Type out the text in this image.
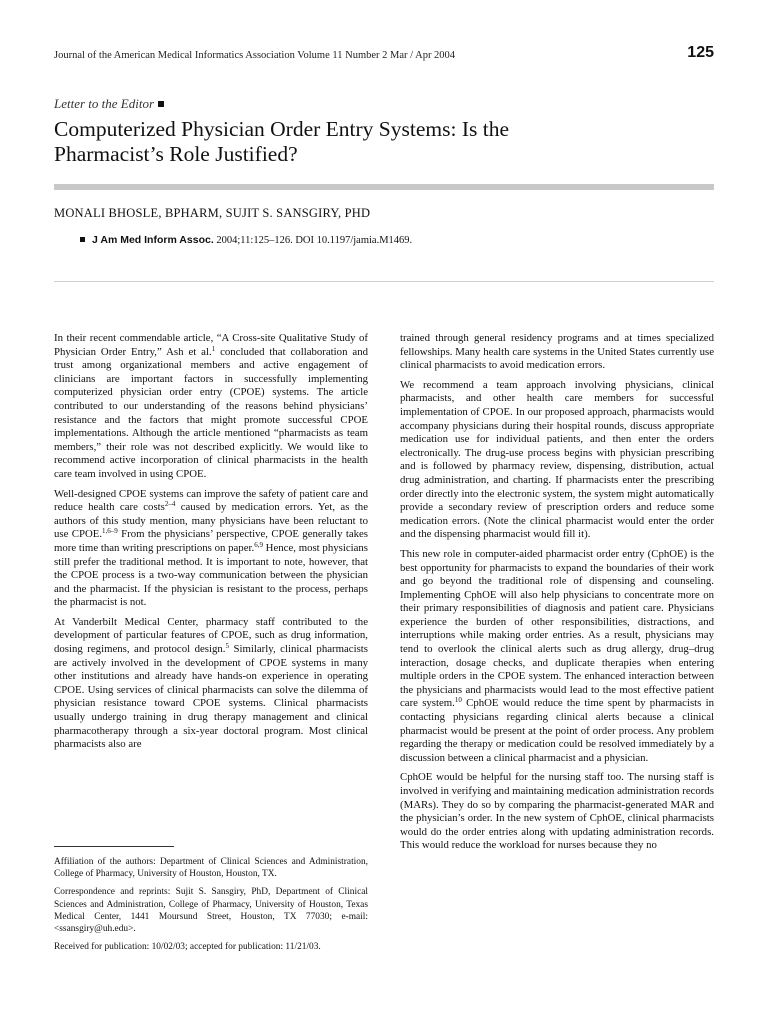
Journal of the American Medical Informatics Association Volume 11 Number 2 Mar / Apr 2004	125
Letter to the Editor
Computerized Physician Order Entry Systems: Is the
Pharmacist’s Role Justified?
MONALI BHOSLE, BPHARM, SUJIT S. SANSGIRY, PHD
J Am Med Inform Assoc. 2004;11:125–126. DOI 10.1197/jamia.M1469.

In their recent commendable article, “A Cross-site Qualitative Study of Physician Order Entry,” Ash et al.$^1$ concluded that collaboration and trust among organizational members and active engagement of clinicians are important factors in successfully implementing computerized physician order entry (CPOE) systems. The article contributed to our understanding of the reasons behind physicians’ resistance and the factors that might promote successful CPOE implementations. Although the article mentioned “pharmacists as team members,” their role was not described explicitly. We would like to recommend active incorporation of clinical pharmacists in the health care team involved in using CPOE.

Well-designed CPOE systems can improve the safety of patient care and reduce health care costs$^{2-4}$ caused by medication errors. Yet, as the authors of this study mention, many physicians have been reluctant to use CPOE.$^{1,6-9}$ From the physicians’ perspective, CPOE generally takes more time than writing prescriptions on paper.$^{6,9}$ Hence, most physicians still prefer the traditional method. It is important to note, however, that the CPOE process is a two-way communication between the physician and the pharmacist. If the physician is resistant to the process, perhaps the pharmacist is not.

At Vanderbilt Medical Center, pharmacy staff contributed to the development of particular features of CPOE, such as drug information, dosing regimens, and protocol design.$^5$ Similarly, clinical pharmacists are actively involved in the development of CPOE systems in many other institutions and already have hands-on experience in operating CPOE. Using services of clinical pharmacists can solve the dilemma of physician resistance toward CPOE systems. Clinical pharmacists usually undergo training in drug therapy management and clinical pharmacotherapy through a six-year doctoral program. Most clinical pharmacists also are

Affiliation of the authors: Department of Clinical Sciences and Administration, College of Pharmacy, University of Houston, Houston, TX.

Correspondence and reprints: Sujit S. Sansgiry, PhD, Department of Clinical Sciences and Administration, College of Pharmacy, University of Houston, Texas Medical Center, 1441 Moursund Street, Houston, TX 77030; e-mail: <ssansgiry@uh.edu>.

Received for publication: 10/02/03; accepted for publication: 11/21/03.

trained through general residency programs and at times specialized fellowships. Many health care systems in the United States currently use clinical pharmacists to avoid medication errors.

We recommend a team approach involving physicians, clinical pharmacists, and other health care members for successful implementation of CPOE. In our proposed approach, pharmacists would accompany physicians during their hospital rounds, discuss appropriate medication use for individual patients, and then enter the orders electronically. The drug-use process begins with physician prescribing and is followed by pharmacy review, dispensing, distribution, actual drug administration, and charting. If pharmacists enter the prescribing order directly into the electronic system, the system might automatically provide a secondary review of prescription orders and reduce some medication errors. (Note the clinical pharmacist would enter the order and the dispensing pharmacist would fill it).

This new role in computer-aided pharmacist order entry (CphOE) is the best opportunity for pharmacists to expand the boundaries of their work and go beyond the traditional role of dispensing and counseling. Implementing CphOE will also help physicians to concentrate more on their primary responsibilities of diagnosis and patient care. Physicians experience the burden of other responsibilities, distractions, and interruptions while making order entries. As a result, physicians may tend to overlook the clinical alerts such as drug allergy, drug–drug interaction, dosage checks, and duplicate therapies when entering multiple orders in the CPOE system. The enhanced interaction between the physicians and pharmacists would lead to the most effective patient care system.$^{10}$ CphOE would reduce the time spent by pharmacists in contacting physicians regarding clinical alerts because a clinical pharmacist would be present at the point of order process. Any problem regarding the therapy or medication could be resolved immediately by a discussion between a clinical pharmacist and a physician.

CphOE would be helpful for the nursing staff too. The nursing staff is involved in verifying and maintaining medication administration records (MARs). They do so by comparing the pharmacist-generated MAR and the physician’s order. In the new system of CphOE, clinical pharmacists would do the order entries along with updating administration records. This would reduce the workload for nurses because they no
